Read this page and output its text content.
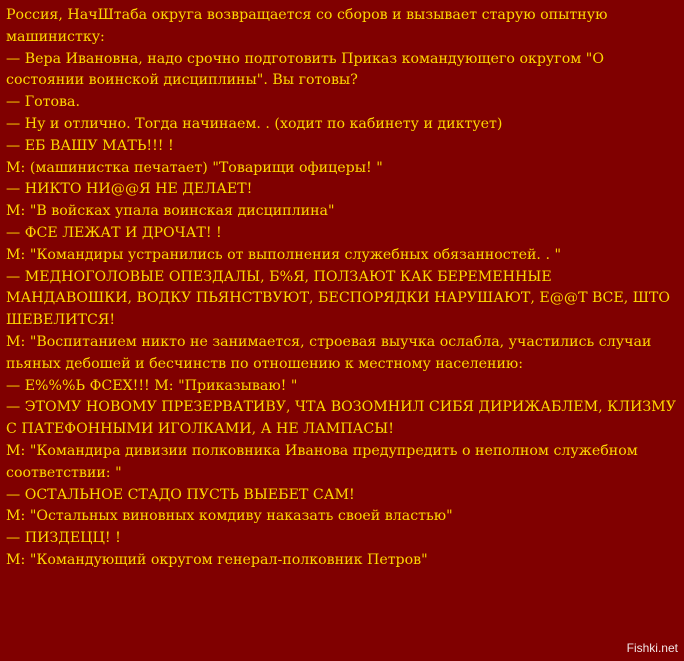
Россия, НачШтаба округа возвращается со сборов и вызывает старую опытную машинистку:
— Вера Ивановна, надо срочно подготовить Приказ командующего округом "О состоянии воинской дисциплины". Вы готовы?
— Готова.
— Ну и отлично. Тогда начинаем. . (ходит по кабинету и диктует)
— ЕБ ВАШУ МАТЬ!!! !
М: (машинистка печатает) "Товарищи офицеры! "
— НИКТО НИ@@Я НЕ ДЕЛАЕТ!
М: "В войсках упала воинская дисциплина"
— ФСЕ ЛЕЖАТ И ДРОЧАТ! !
М: "Командиры устранились от выполнения служебных обязанностей. . "
— МЕДНОГОЛОВЫЕ ОПЕЗДАЛЫ, Б%Я, ПОЛЗАЮТ КАК БЕРЕМЕННЫЕ МАНДАВОШКИ, ВОДКУ ПЬЯНСТВУЮТ, БЕСПОРЯДКИ НАРУШАЮТ, Е@@Т ВСЕ, ШТО ШЕВЕЛИТСЯ!
М: "Воспитанием никто не занимается, строевая выучка ослабла, участились случаи пьяных дебошей и бесчинств по отношению к местному населению:
— Е%%%Ь ФСЕХ!!! М: "Приказываю! "
— ЭТОМУ НОВОМУ ПРЕЗЕРВАТИВУ, ЧТА ВОЗОМНИЛ СИБЯ ДИРИЖАБЛЕМ, КЛИЗМУ С ПАТЕФОННЫМИ ИГОЛКАМИ, А НЕ ЛАМПАСЫ!
М: "Командира дивизии полковника Иванова предупредить о неполном служебном соответствии: "
— ОСТАЛЬНОЕ СТАДО ПУСТЬ ВЫЕБЕТ САМ!
М: "Остальных виновных комдиву наказать своей властью"
— ПИЗДЕЦЦ! !
М: "Командующий округом генерал-полковник Петров"
Fishki.net
